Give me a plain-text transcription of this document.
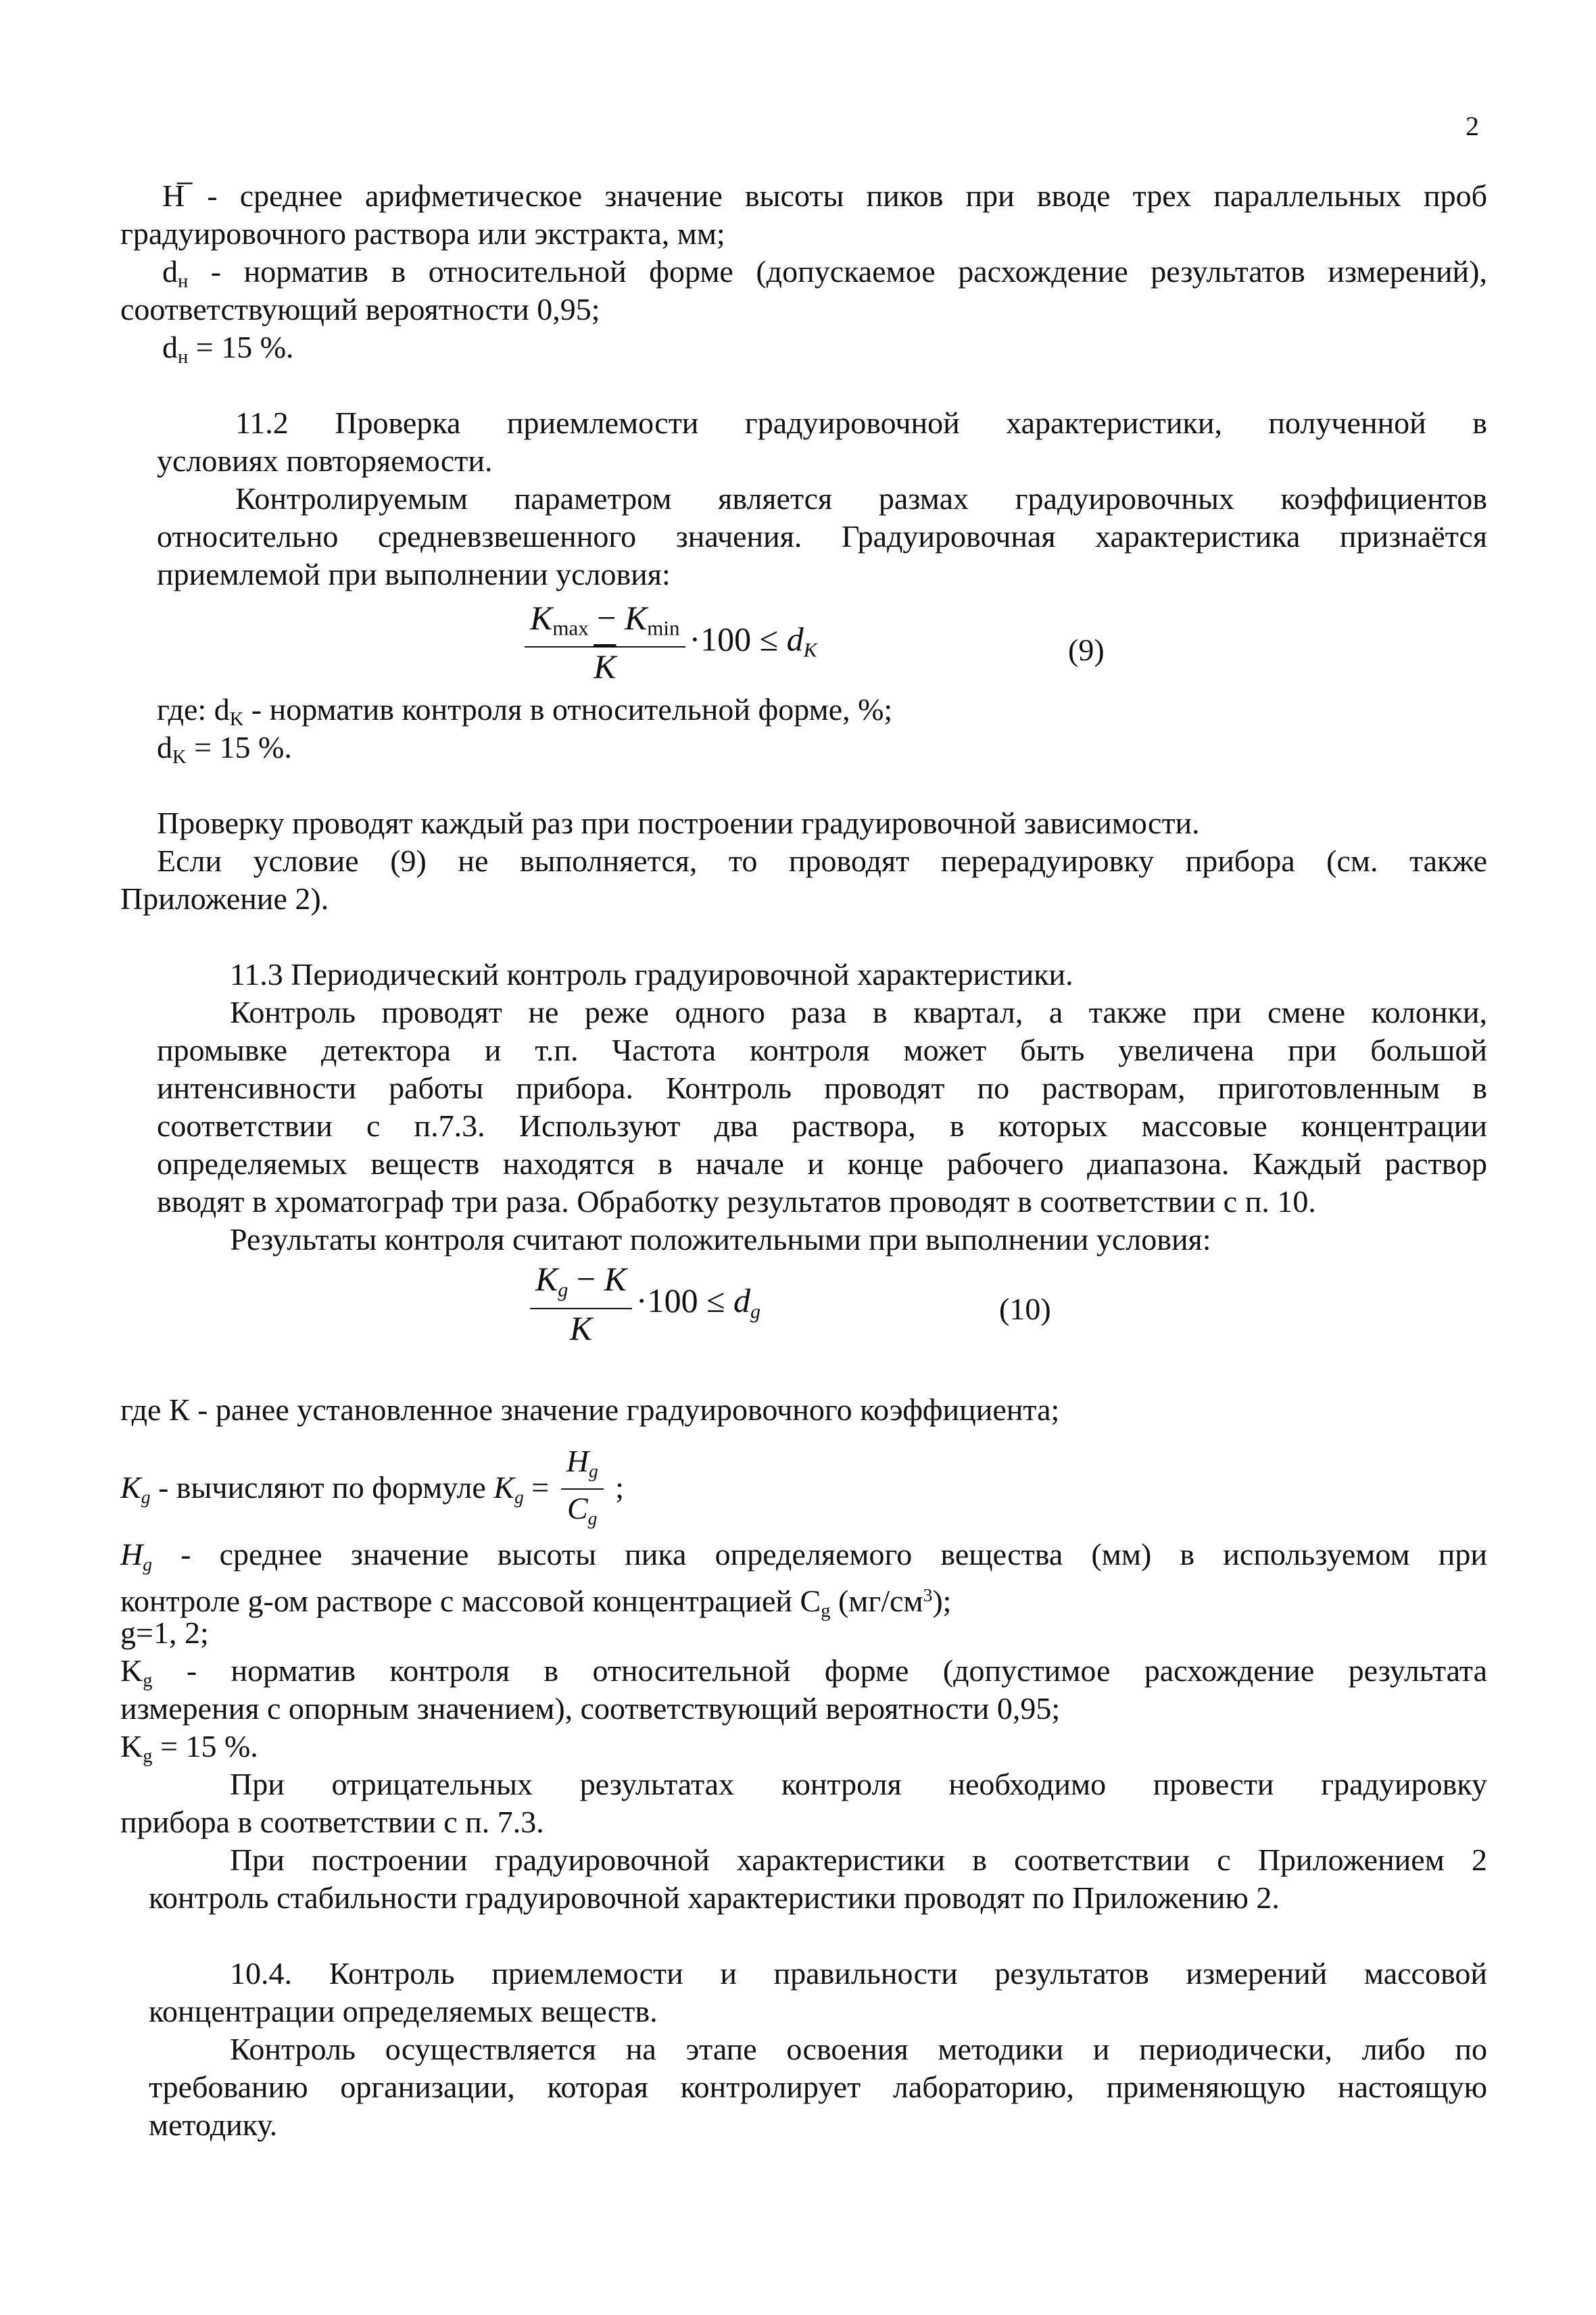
2

Н̅ - среднее арифметическое значение высоты пиков при вводе трех параллельных проб

градуировочного раствора или экстракта, мм;

$d_н$ - норматив в относительной форме (допускаемое расхождение результатов измерений),

соответствующий вероятности 0,95;

$d_н = 15$ %.

11.2 Проверка приемлемости градуировочной характеристики, полученной в

условиях повторяемости.

Контролируемым параметром является размах градуировочных коэффициентов

относительно средневзвешенного значения. Градуировочная характеристика признаётся

приемлемой при выполнении условия:

$\frac{K_{max} - K_{min}}{K} \cdot 100$ ≤ dK	(9)

где: $d_K$ - норматив контроля в относительной форме, %;

$d_K = 15$ %.

Проверку проводят каждый раз при построении градуировочной зависимости.

Если условие (9) не выполняется, то проводят перерадуировку прибора (см. также

Приложение 2).

11.3 Периодический контроль градуировочной характеристики.

Контроль проводят не реже одного раза в квартал, а также при смене колонки,

промывке детектора и т.п. Частота контроля может быть увеличена при большой

интенсивности работы прибора. Контроль проводят по растворам, приготовленным в

соответствии с п.7.3. Используют два раствора, в которых массовые концентрации

определяемых веществ находятся в начале и конце рабочего диапазона. Каждый раствор

вводят в хроматограф три раза. Обработку результатов проводят в соответствии с п. 10.

Результаты контроля считают положительными при выполнении условия:

$\frac{Kg - K}{K} \cdot 100$ ≤ dg	(10)

где К - ранее установленное значение градуировочного коэффициента;

Kg - вычисляют по формуле $Kg = \frac{Hg}{Cg}$ ;

Hg - среднее значение высоты пика определяемого вещества (мм) в используемом при

контроле g-ом растворе с массовой концентрацией $C_g$ $(мг/см^3)$;

g=1, 2;

$K_g$ - норматив контроля в относительной форме (допустимое расхождение результата

измерения с опорным значением), соответствующий вероятности 0,95;

$K_g = 15$ %.

При отрицательных результатах контроля необходимо провести градуировку

прибора в соответствии с п. 7.3.

При построении градуировочной характеристики в соответствии с Приложением 2

контроль стабильности градуировочной характеристики проводят по Приложению 2.

10.4. Контроль приемлемости и правильности результатов измерений массовой

концентрации определяемых веществ.

Контроль осуществляется на этапе освоения методики и периодически, либо по

требованию организации, которая контролирует лабораторию, применяющую настоящую

методику.
